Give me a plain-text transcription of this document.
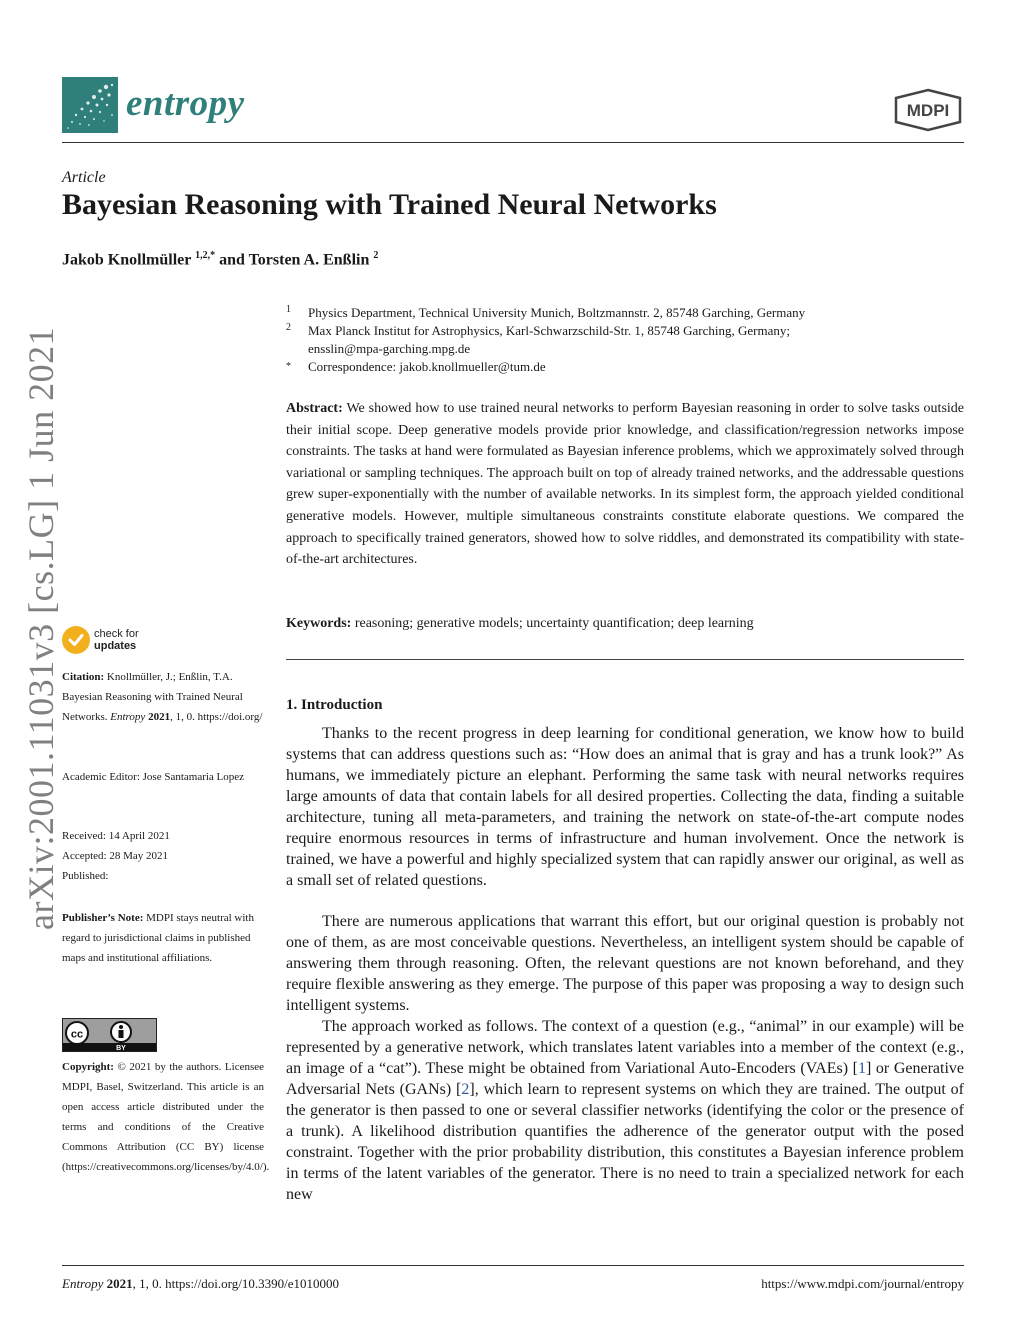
entropy	MDPI
Article
Bayesian Reasoning with Trained Neural Networks
Jakob Knollmüller $^{1,2,*}$ and Torsten A. Enßlin $^2$
1 Physics Department, Technical University Munich, Boltzmannstr. 2, 85748 Garching, Germany
2 Max Planck Institut for Astrophysics, Karl-Schwarzschild-Str. 1, 85748 Garching, Germany;
ensslin@mpa-garching.mpg.de
* Correspondence: jakob.knollmueller@tum.de
Abstract: We showed how to use trained neural networks to perform Bayesian reasoning in order to solve tasks outside their initial scope. Deep generative models provide prior knowledge, and classification/regression networks impose constraints. The tasks at hand were formulated as Bayesian inference problems, which we approximately solved through variational or sampling techniques. The approach built on top of already trained networks, and the addressable questions grew super-exponentially with the number of available networks. In its simplest form, the approach yielded conditional generative models. However, multiple simultaneous constraints constitute elaborate questions. We compared the approach to specifically trained generators, showed how to solve riddles, and demonstrated its compatibility with state-of-the-art architectures.
Keywords: reasoning; generative models; uncertainty quantification; deep learning
1. Introduction

Thanks to the recent progress in deep learning for conditional generation, we know how to build systems that can address questions such as: “How does an animal that is gray and has a trunk look?” As humans, we immediately picture an elephant. Performing the same task with neural networks requires large amounts of data that contain labels for all desired properties. Collecting the data, finding a suitable architecture, tuning all meta-parameters, and training the network on state-of-the-art compute nodes require enormous resources in terms of infrastructure and human involvement. Once the network is trained, we have a powerful and highly specialized system that can rapidly answer our original, as well as a small set of related questions.

There are numerous applications that warrant this effort, but our original question is probably not one of them, as are most conceivable questions. Nevertheless, an intelligent system should be capable of answering them through reasoning. Often, the relevant questions are not known beforehand, and they require flexible answering as they emerge. The purpose of this paper was proposing a way to design such intelligent systems.

The approach worked as follows. The context of a question (e.g., “animal” in our example) will be represented by a generative network, which translates latent variables into a member of the context (e.g., an image of a “cat”). These might be obtained from Variational Auto-Encoders (VAEs) [1] or Generative Adversarial Nets (GANs) [2], which learn to represent systems on which they are trained. The output of the generator is then passed to one or several classifier networks (identifying the color or the presence of a trunk). A likelihood distribution quantifies the adherence of the generator output with the posed constraint. Together with the prior probability distribution, this constitutes a Bayesian inference problem in terms of the latent variables of the generator. There is no need to train a specialized network for each new

arXiv:2001.11031v3 [cs.LG] 1 Jun 2021	check for
updates
Citation: Knollmüller, J.; Enßlin, T.A. Bayesian Reasoning with Trained Neural Networks. Entropy 2021, 1, 0. https://doi.org/
Academic Editor: Jose Santamaria Lopez
Received: 14 April 2021
Accepted: 28 May 2021
Published:
Publisher’s Note: MDPI stays neutral with regard to jurisdictional claims in published maps and institutional affiliations.
cc
BY
Copyright: © 2021 by the authors. Licensee MDPI, Basel, Switzerland. This article is an open access article distributed under the terms and conditions of the Creative Commons Attribution (CC BY) license (https://creativecommons.org/licenses/by/4.0/).
Entropy 2021, 1, 0. https://doi.org/10.3390/e1010000	https://www.mdpi.com/journal/entropy
